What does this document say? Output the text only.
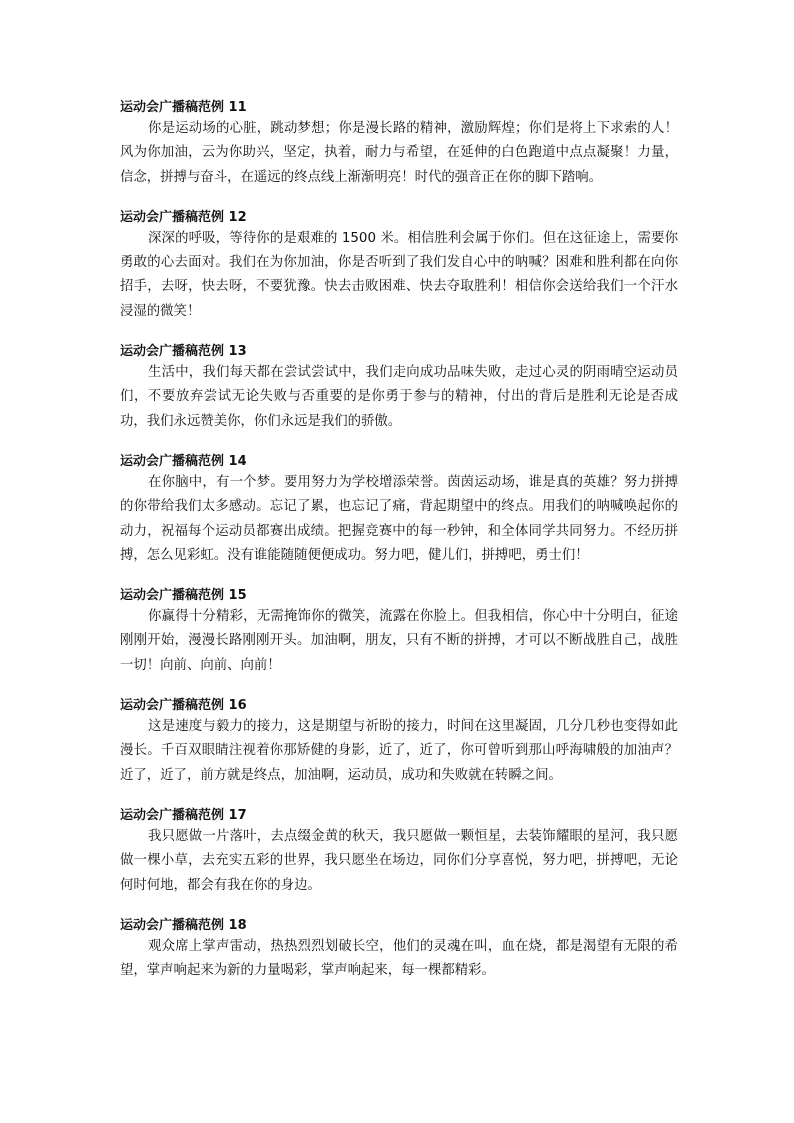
运动会广播稿范例 11

你是运动场的心脏，跳动梦想；你是漫长路的精神，激励辉煌；你们是将上下求索的人！风为你加油，云为你助兴，坚定，执着，耐力与希望，在延伸的白色跑道中点点凝聚！力量，信念，拼搏与奋斗，在遥远的终点线上渐渐明亮！时代的强音正在你的脚下踏响。

运动会广播稿范例 12

深深的呼吸，等待你的是艰难的 1500 米。相信胜利会属于你们。但在这征途上，需要你勇敢的心去面对。我们在为你加油，你是否听到了我们发自心中的呐喊？困难和胜利都在向你招手，去呀，快去呀，不要犹豫。快去击败困难、快去夺取胜利！相信你会送给我们一个汗水浸湿的微笑！

运动会广播稿范例 13

生活中，我们每天都在尝试尝试中，我们走向成功品味失败，走过心灵的阴雨晴空运动员们，不要放弃尝试无论失败与否重要的是你勇于参与的精神，付出的背后是胜利无论是否成功，我们永远赞美你，你们永远是我们的骄傲。

运动会广播稿范例 14

在你脑中，有一个梦。要用努力为学校增添荣誉。茵茵运动场，谁是真的英雄？努力拼搏的你带给我们太多感动。忘记了累，也忘记了痛，背起期望中的终点。用我们的呐喊唤起你的动力，祝福每个运动员都赛出成绩。把握竞赛中的每一秒钟，和全体同学共同努力。不经历拼搏，怎么见彩虹。没有谁能随随便便成功。努力吧，健儿们，拼搏吧，勇士们！

运动会广播稿范例 15

你赢得十分精彩，无需掩饰你的微笑，流露在你脸上。但我相信，你心中十分明白，征途刚刚开始，漫漫长路刚刚开头。加油啊，朋友，只有不断的拼搏，才可以不断战胜自己，战胜一切！向前、向前、向前！

运动会广播稿范例 16

这是速度与毅力的接力，这是期望与祈盼的接力，时间在这里凝固，几分几秒也变得如此漫长。千百双眼睛注视着你那矫健的身影，近了，近了，你可曾听到那山呼海啸般的加油声？近了，近了，前方就是终点，加油啊，运动员，成功和失败就在转瞬之间。

运动会广播稿范例 17

我只愿做一片落叶，去点缀金黄的秋天，我只愿做一颗恒星，去装饰耀眼的星河，我只愿做一棵小草，去充实五彩的世界，我只愿坐在场边，同你们分享喜悦，努力吧，拼搏吧，无论何时何地，都会有我在你的身边。

运动会广播稿范例 18

观众席上掌声雷动，热热烈烈划破长空，他们的灵魂在叫，血在烧，都是渴望有无限的希望，掌声响起来为新的力量喝彩，掌声响起来，每一棵都精彩。
